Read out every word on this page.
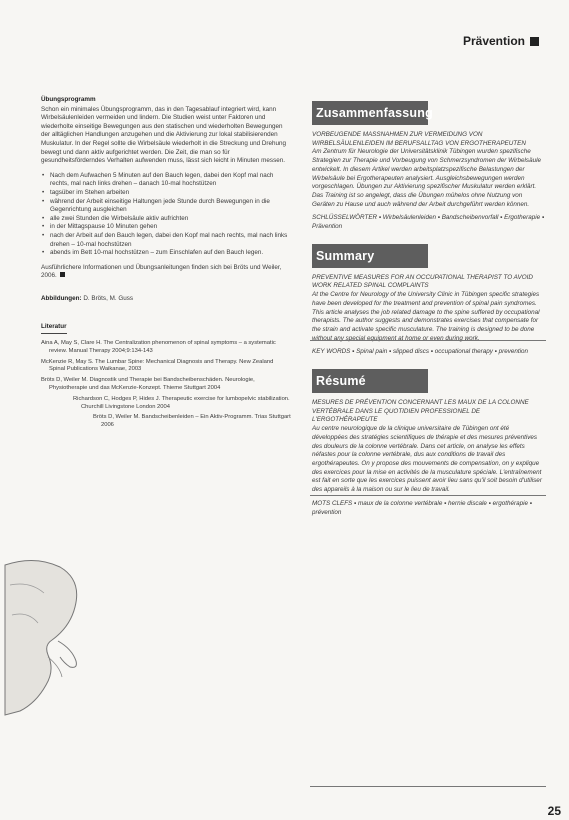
Prävention
Übungsprogramm

Schon ein minimales Übungsprogramm, das in den Tagesablauf integriert wird, kann Wirbelsäulenleiden vermeiden und lindern. Die Studien weist unter Faktoren und wiederholte einseitige Bewegungen aus den statischen und wiederholten Bewegungen der alltäglichen Handlungen anzugehen und die Aktivierung zur lokal stabilisierenden Muskulatur. In der Regel sollte die Wirbelsäule wiederholt in die Streckung und Drehung bewegt und dann aktiv aufgerichtet werden. Die Zeit, die man so für gesundheitsförderndes Verhalten aufwenden muss, lässt sich leicht in Minuten messen.

• Nach dem Aufwachen 5 Minuten auf den Bauch legen, dabei den Kopf mal nach rechts, mal nach links drehen – danach 10-mal hochstützen
• tagsüber im Stehen arbeiten
• während der Arbeit einseitige Haltungen jede Stunde durch Bewegungen in die Gegenrichtung ausgleichen
• alle zwei Stunden die Wirbelsäule aktiv aufrichten
• in der Mittagspause 10 Minuten gehen
• nach der Arbeit auf den Bauch legen, dabei den Kopf mal nach rechts, mal nach links drehen – 10-mal hochstützen
• abends im Bett 10-mal hochstützen – zum Einschlafen auf den Bauch legen.

Ausführlichere Informationen und Übungsanleitungen finden sich bei Bröts und Weiler, 2006.

Abbildungen: D. Bröts, M. Guss
Literatur
Aina A, May S, Clare H. The Centralization phenomenon of spinal symptoms – a systematic review. Manual Therapy 2004;9:134-143
McKenzie R, May S. The Lumbar Spine: Mechanical Diagnosis and Therapy. New Zealand Spinal Publications Waikanae, 2003
Bröts D, Weiler M. Diagnostik und Therapie bei Bandscheibenschäden. Neurologie, Physiotherapie und das McKenzie-Konzept. Thieme Stuttgart 2004
Richardson C, Hodges P, Hides J. Therapeutic exercise for lumbopelvic stabilization. Churchill Livingstone London 2004
Bröts D, Weiler M. Bandscheibenleiden – Ein Aktiv-Programm. Trias Stuttgart 2006
Zusammenfassung
VORBEUGENDE MASSNAHMEN ZUR VERMEIDUNG VON WIRBELSÄULENLEIDEN IM BERUFSALLTAG VON ERGOTHERAPEUTEN

Am Zentrum für Neurologie der Universitätsklinik Tübingen wurden spezifische Strategien zur Therapie und Vorbeugung von Schmerzsyndromen der Wirbelsäule entwickelt. In diesem Artikel werden arbeitsplatzspezifische Belastungen der Wirbelsäule bei Ergotherapeuten analysiert. Ausgleichsbewegungen werden vorgeschlagen. Übungen zur Aktivierung spezifischer Muskulatur werden erklärt. Das Training ist so angelegt, dass die Übungen mühelos ohne Nutzung von Geräten zu Hause und auch während der Arbeit durchgeführt werden können.

SCHLÜSSELWÖRTER ▪ Wirbelsäulenleiden ▪ Bandscheibenvorfall ▪ Ergotherapie ▪ Prävention
Summary
PREVENTIVE MEASURES FOR AN OCCUPATIONAL THERAPIST TO AVOID WORK RELATED SPINAL COMPLAINTS

At the Centre for Neurology of the University Clinic in Tübingen specific strategies have been developed for the treatment and prevention of spinal pain syndromes. This article analyses the job related damage to the spine suffered by occupational therapists. The author suggests and demonstrates exercises that compensate for the strain and activate specific musculature. The training is designed to be done without any special equipment at home or even during work.

KEY WORDS ▪ Spinal pain ▪ slipped discs ▪ occupational therapy ▪ prevention
Résumé
MESURES DE PRÉVENTION CONCERNANT LES MAUX DE LA COLONNE VERTÉBRALE DANS LE QUOTIDIEN PROFESSIONEL DE L'ERGOTHÉRAPEUTE

Au centre neurologique de la clinique universitaire de Tübingen ont été développées des stratégies scientifiques de thérapie et des mesures préventives des douleurs de la colonne vertébrale. Dans cet article, on analyse les effets néfastes pour la colonne vertébrale, dus aux conditions de travail des ergothérapeutes. On y propose des mouvements de compensation, on y explique des exercices pour la mise en activités de la musculature spéciale. L'entraînement est fait en sorte que les exercices puissent avoir lieu sans qu'il soit besoin d'utiliser des appareils à la maison ou sur le lieu de travail.

MOTS CLEFS ▪ maux de la colonne vertébrale ▪ hernie discale ▪ ergothérapie ▪ prévention
25
